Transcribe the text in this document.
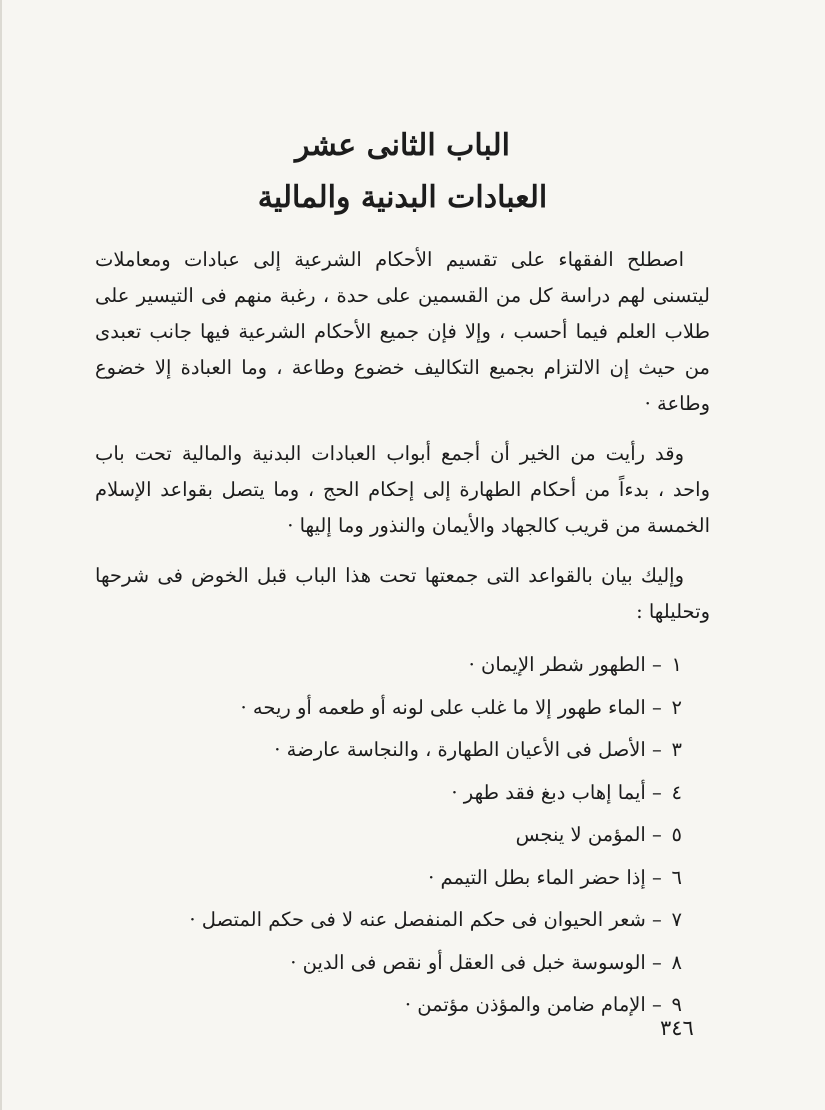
الباب الثانى عشر
العبادات البدنية والمالية

اصطلح الفقهاء على تقسيم الأحكام الشرعية إلى عبادات ومعاملات ليتسنى لهم دراسة كل من القسمين على حدة ، رغبة منهم فى التيسير على طلاب العلم فيما أحسب ، وإلا فإن جميع الأحكام الشرعية فيها جانب تعبدى من حيث إن الالتزام بجميع التكاليف خضوع وطاعة ، وما العبادة إلا خضوع وطاعة ·

وقد رأيت من الخير أن أجمع أبواب العبادات البدنية والمالية تحت باب واحد ، بدءاً من أحكام الطهارة إلى إحكام الحج ، وما يتصل بقواعد الإسلام الخمسة من قريب كالجهاد والأيمان والنذور وما إليها ·

وإليك بيان بالقواعد التى جمعتها تحت هذا الباب قبل الخوض فى شرحها وتحليلها :

١ – الطهور شطر الإيمان ·
٢ – الماء طهور إلا ما غلب على لونه أو طعمه أو ريحه ·
٣ – الأصل فى الأعيان الطهارة ، والنجاسة عارضة ·
٤ – أيما إهاب دبغ فقد طهر ·
٥ – المؤمن لا ينجس
٦ – إذا حضر الماء بطل التيمم ·
٧ – شعر الحيوان فى حكم المنفصل عنه لا فى حكم المتصل ·
٨ – الوسوسة خبل فى العقل أو نقص فى الدين ·
٩ – الإمام ضامن والمؤذن مؤتمن ·
٣٤٦
